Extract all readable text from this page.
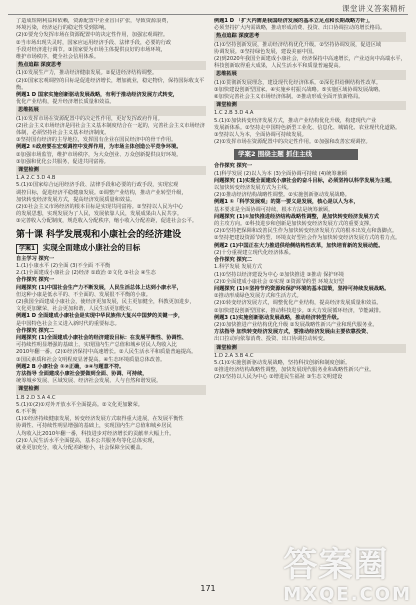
课堂讲义答案精析

了造成短期利益和依赖，资源配置中企业盲目扩张，导致资源浪费，

环境污染，经济运行的稳定性受到影响。

(2)①要充分发挥市场在资源配置中的决定性作用，加强宏观调控。

②当市场出现失灵时，国家应运用经济手段、法律手段，必要的行政

手段对经济进行调节。③国家要为市场主体提供良好的市场环境，

维护市场秩序，健全社会信用体系。

热点追踪 深度思考

(1)①发展生产力，推动经济健康发展。②促进经济结构调整。

(2)①国家宏观调控的目标是促进经济增长，增加就业，稳定物价，保持国际收支平衡。

例题1 D 国家实施创新驱动发展战略，有利于推动经济发展方式转变，

优化产业结构，提升经济增长质量和效益。

思维拓展

(1)①发挥市场在资源配置中的决定性作用，更好发挥政府作用。

(2)社会主义市场经济是同社会主义基本制度结合在一起的，完善社会主义市场经济

体制，必须坚持社会主义基本经济制度。

③坚持国有经济的主导地位，发挥国有企业在国民经济中的骨干作用。

例题2 ①政府要在宏观调控中发挥作用，为市场主体创造公平竞争环境。

②加强市场监管，维护市场秩序，为大众创业、万众创新提供良好环境。

③加强和优化公共服务，促进共同富裕。

课堂检测

1.A 2.C 3.D 4.B

5.(1)①国家综合运用经济手段、法律手段和必要的行政手段，实现宏观

调控目标，促进经济平稳健康发展。②调整产业结构，推动产业转型升级，

加快转变经济发展方式，提高经济发展质量和效益。

(2)①社会主义市场经济的根本目标是实现共同富裕。②坚持以人民为中心

的发展思想，实现发展为了人民，发展依靠人民，发展成果由人民共享。

③完善收入分配制度，规范收入分配秩序，缩小收入分配差距，促进社会公平。

第十课 科学发展观和小康社会的经济建设
学案1 实现全面建成小康社会的目标

自主学习 探究一

1.(1)小康水平 (2)全面 (3)不全面 不平衡

2.(1)全面建成小康社会 (2)经济 ①政治 ②文化 ③社会 ④生态

合作探究 探究一

问题探究 (1)中国社会生产力不断发展，人民生活总体上达到小康水平，

但这种小康是低水平的、不全面的、发展很不平衡的小康。

(2)我国全面建成小康社会，使经济更加发展，民主更加健全，科教更加进步，

文化更加繁荣，社会更加和谐，人民生活更加殷实。

例题1 D 全面建成小康社会是实现中华民族伟大复兴中国梦的关键一步，

是中国特色社会主义进入新时代的重要标志。

合作探究 探究二

问题探究 (1)全面建成小康社会的经济建设目标：在发展平衡性、协调性、

可持续性明显增强的基础上，实现国内生产总值和城乡居民人均收入比

2010年翻一番。(2)①经济保持中高速增长。②人民生活水平和质量普遍提高。

③国民素质和社会文明程度显著提高。④生态环境质量总体改善。

例题2 B 小康社会 ①②正确，③④与题意不符。

方法指导 全面建成小康社会要做到全面、协调、可持续，

统筹城乡发展、区域发展、经济社会发展、人与自然和谐发展。

课堂检测

1.B 2.D 3.A 4.C

5.(1)①(2)①对外开放水平全面提高。②文化更加繁荣。

6.不平衡

(1)①经济持续健康发展，转变经济发展方式取得重大进展，在发展平衡性

协调性、可持续性明显增强的基础上，实现国内生产总值和城乡居民

人均收入比2010年翻一番，科技进步对经济增长的贡献率大幅上升。

(2)①人民生活水平全面提高，基本公共服务均等化总体实现，

就业更加充分，收入分配差距缩小，社会保障全民覆盖。

例题1 D 「扩大内需是我国经济发展的基本立足点和长期战略方针」，

必须坚持扩大内需战略，推动形成消费、投资、出口协调拉动的增长格局。

热点追踪 深度思考

(1)①坚持创新发展，推动经济结构优化升级。②坚持协调发展，促进区域

协调发展。③坚持绿色发展，建设美丽中国。

(2)到2020年我国全面建成小康社会，经济保持中高速增长，产业迈向中高端水平，

科技创新取得重大成果，人民生活水平和质量普遍提高。

思维拓展

(1)①贯彻新发展理念，建设现代化经济体系。②深化供给侧结构性改革。

③加快建设创新型国家。④实施乡村振兴战略。⑤实施区域协调发展战略。

⑥加快完善社会主义市场经济体制。⑦推动形成全面开放新格局。

课堂检测

1.C 2.B 3.D 4.A

5.(1)①加快转变经济发展方式，推动产业结构优化升级，构建现代产业

发展新体系。②坚持走中国特色新型工业化、信息化、城镇化、农业现代化道路。

③坚持以人为本，全面协调可持续发展。

(2)①发挥市场在资源配置中的决定性作用。②加强和改善宏观调控。

学案2 围绕主题 抓住主线

合作探究 探究一

(1)科学发展 (2)以人为本 (3)全面协调可持续 (4)统筹兼顾

问题探究 (1)实现全面建成小康社会的奋斗目标，必须坚持以科学发展为主题，

以加快转变经济发展方式为主线。

(2)①推动经济结构战略性调整。②实施创新驱动发展战略。

例题1 ①「科学发展观」的第一要义是发展，核心是以人为本，

基本要求是全面协调可持续，根本方法是统筹兼顾。

问题探究 (1)①加快推进经济结构战略性调整，是加快转变经济发展方式

的主攻方向。②科技进步和创新是加快转变经济发展方式的重要支撑。

(2)①坚持把保障和改善民生作为加快转变经济发展方式的根本出发点和落脚点。

②坚持把建设资源节约型、环境友好型社会作为加快转变经济发展方式的着力点。

例题2 (1)中国正在大力推进供给侧结构性改革，加快培育新的发展动能。

(2)十分重视建立现代化经济体系。

合作探究 探究二

1.科学发展 发展方式

(1)①坚持以经济建设为中心 ②加快推进 ③推动 保护环境

(2)①全面建成小康社会 ②实现 ③资源节约型 环境友好型

问题探究 (1)①坚持节约资源和保护环境的基本国策，坚持可持续发展战略。

②推动形成绿色发展方式和生活方式。

(2)①转变经济发展方式，调整优化产业结构，提高经济发展质量和效益。

②加快建设创新型国家，推动科技进步。③大力发展循环经济，节能减排。

例题3 (1)实施创新驱动发展战略，推动经济转型升级。

(2)①加快推进产业结构优化升级 ②发展战略性新兴产业和现代服务业。

方法指导 加快转变经济发展方式，要推动经济发展由主要依靠投资、

出口拉动向依靠消费、投资、出口协调拉动转变。

课堂检测

1.D 2.A 3.B 4.C

5.(1)①实施创新驱动发展战略，坚持科技创新和制度创新。

②推进经济结构战略性调整，加快发展现代服务业和战略性新兴产业。

(2)①坚持以人民为中心 ②增进民生福祉 ③生态文明建设

171
答案圈
MXQE.COM
